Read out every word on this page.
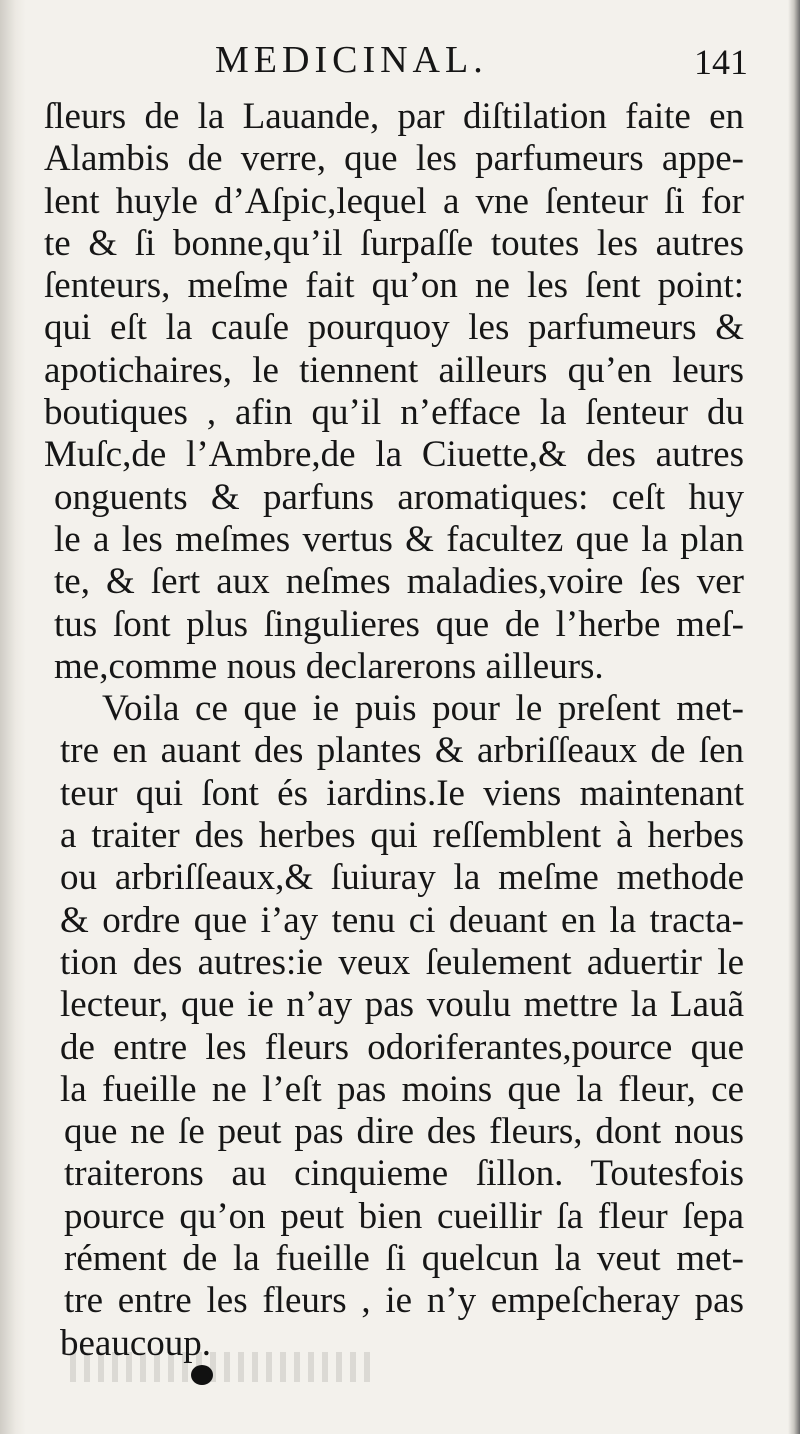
MEDICINAL.	141
ſleurs de la Lauande, par diſtilation faite en
Alambis de verre, que les parfumeurs appe-
lent huyle d’Aſpic,lequel a vne ſenteur ſi for
te & ſi bonne,qu’il ſurpaſſe toutes les autres
ſenteurs, meſme fait qu’on ne les ſent point:
qui eſt la cauſe pourquoy les parfumeurs &
apotichaires, le tiennent ailleurs qu’en leurs
boutiques , afin qu’il n’efface la ſenteur du
Muſc,de l’Ambre,de la Ciuette,& des autres
onguents & parfuns aromatiques: ceſt huy
le a les meſmes vertus & facultez que la plan
te, & ſert aux neſmes maladies,voire ſes ver
tus ſont plus ſingulieres que de l’herbe meſ-
me,comme nous declarerons ailleurs.
Voila ce que ie puis pour le preſent met-
tre en auant des plantes & arbriſſeaux de ſen
teur qui ſont és iardins.Ie viens maintenant
a traiter des herbes qui reſſemblent à herbes
ou arbriſſeaux,& ſuiuray la meſme methode
& ordre que i’ay tenu ci deuant en la tracta-
tion des autres:ie veux ſeulement aduertir le
lecteur, que ie n’ay pas voulu mettre la Lauã
de entre les fleurs odoriferantes,pource que
la fueille ne l’eſt pas moins que la fleur, ce
que ne ſe peut pas dire des fleurs, dont nous
traiterons au cinquieme ſillon. Toutesfois
pource qu’on peut bien cueillir ſa fleur ſepa
rément de la fueille ſi quelcun la veut met-
tre entre les fleurs , ie n’y empeſcheray pas
beaucoup.
